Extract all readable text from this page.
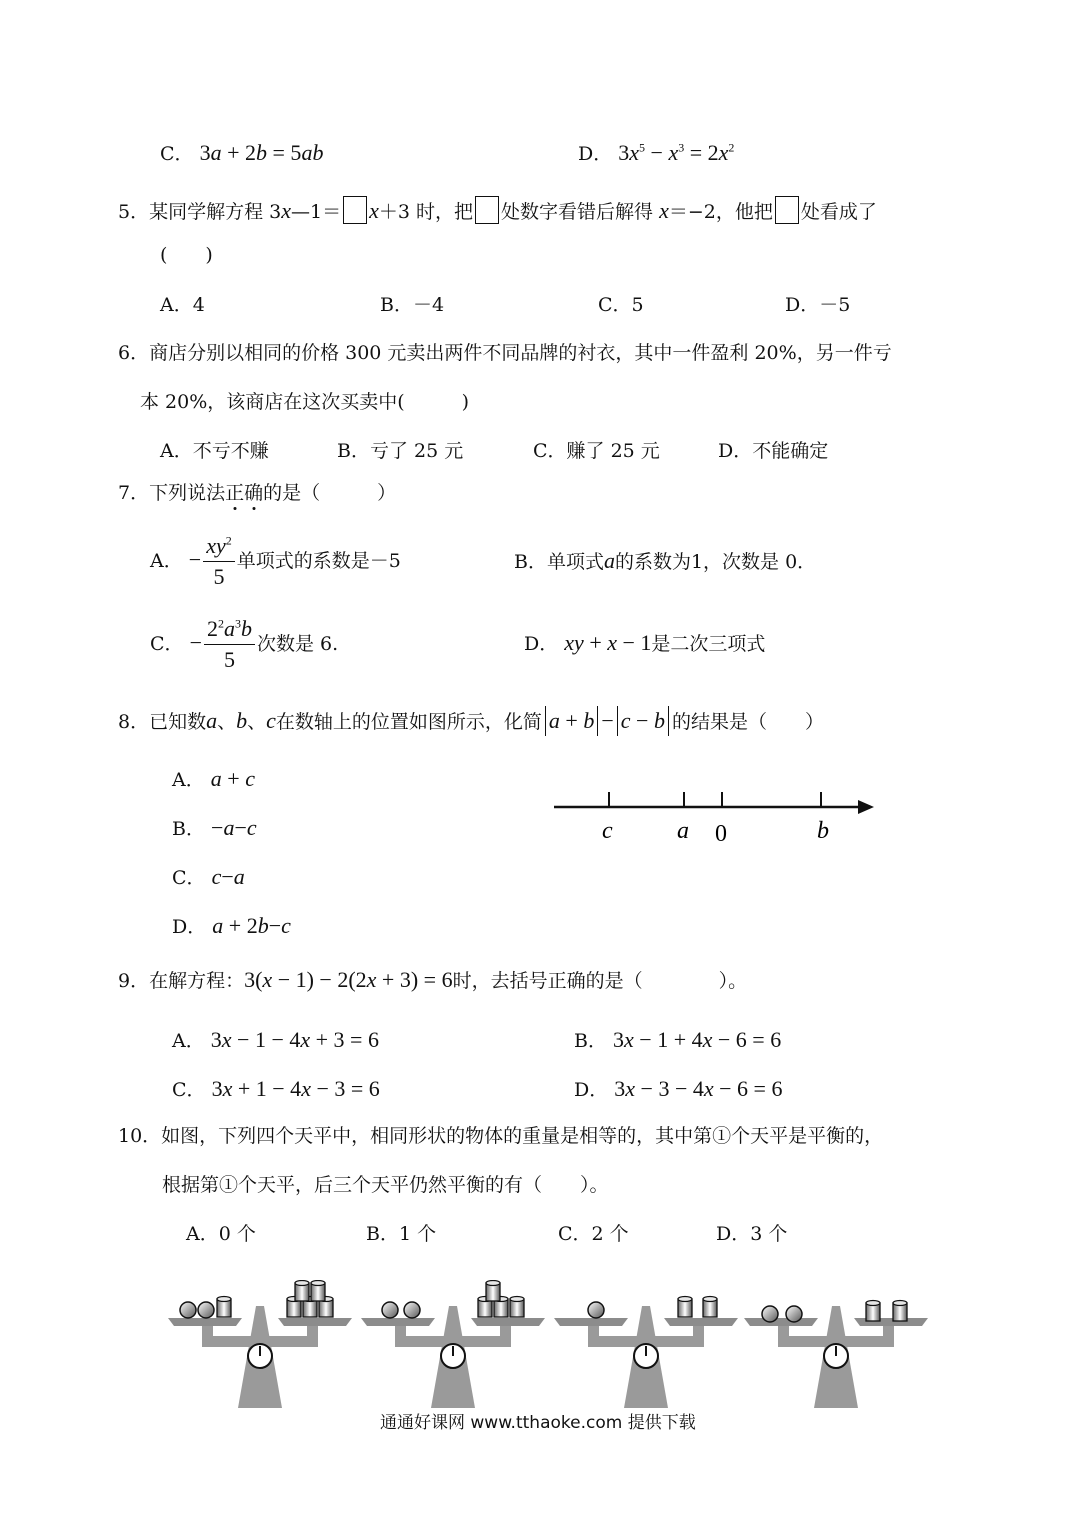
C． 3a + 2b = 5ab	D． $3x^5 - x^3 = 2x^2$
5．某同学解方程 3x—1＝ x＋3 时，把 处数字看错后解得 x＝−2，他把 处看成了
(　　)
A．4	B．－4	C．5	D．－5
6．商店分别以相同的价格 300 元卖出两件不同品牌的衬衣，其中一件盈利 20%，另一件亏
本 20%，该商店在这次买卖中(　　　)
A．不亏不赚	B．亏了 25 元	C．赚了 25 元	D．不能确定
7．下列说法正确的是（　　　）
A． − $\frac{xy^2}{5}$ 单项式的系数是－5	B．单项式a的系数为1，次数是 0．
C． − $\frac{2^2a^3b}{5}$ 次数是 6.	D． xy + x − 1是二次三项式
8．已知数a、b、c在数轴上的位置如图所示，化简 a + b − c − b 的结果是（　　）
A． a + c
B． −a−c
C． c−a
D． a + 2b−c
c	a 0	b
9．在解方程：3(x − 1) − 2(2x + 3) = 6时，去括号正确的是（　　　　）。
A． 3x − 1 − 4x + 3 = 6	B． 3x − 1 + 4x − 6 = 6
C． 3x + 1 − 4x − 3 = 6	D． 3x − 3 − 4x − 6 = 6
10．如图，下列四个天平中，相同形状的物体的重量是相等的，其中第①个天平是平衡的，
根据第①个天平，后三个天平仍然平衡的有（　　）。
A．0 个	B．1 个	C．2 个	D．3 个
通通好课网 www.tthaoke.com 提供下载
